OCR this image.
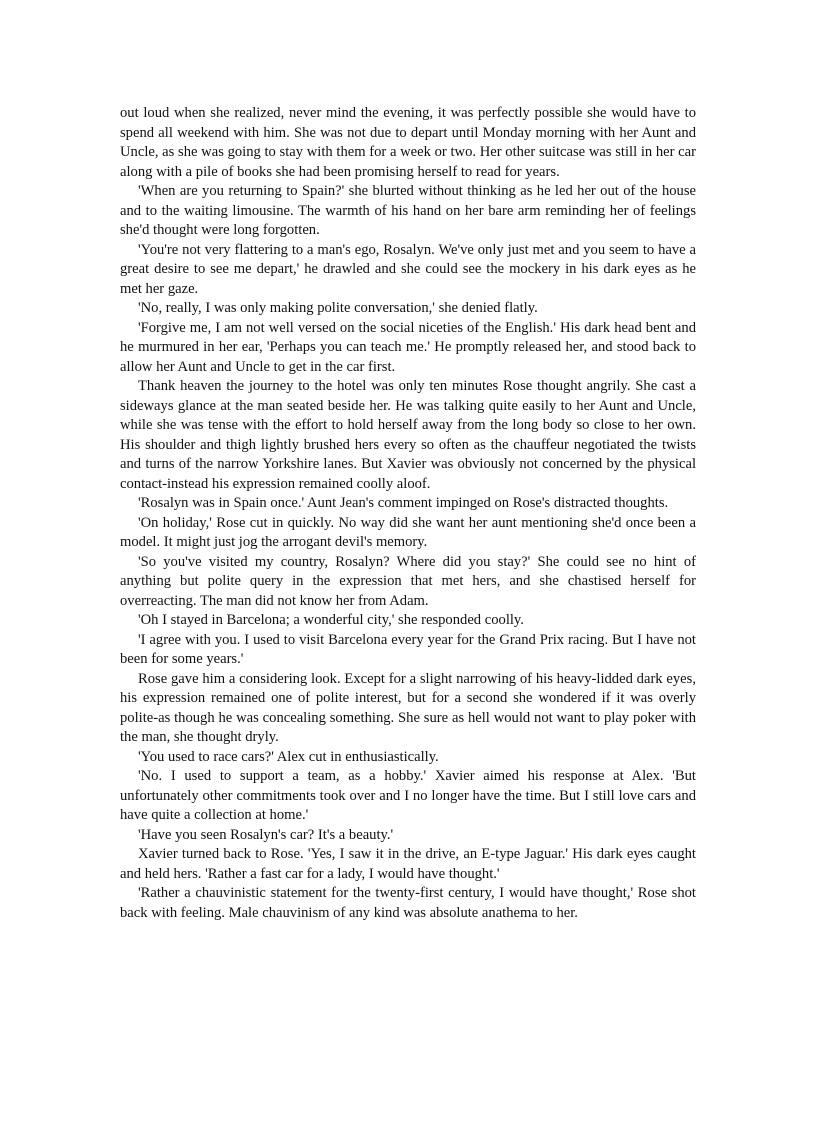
out loud when she realized, never mind the evening, it was perfectly possible she would have to spend all weekend with him. She was not due to depart until Monday morning with her Aunt and Uncle, as she was going to stay with them for a week or two. Her other suitcase was still in her car along with a pile of books she had been promising herself to read for years.

'When are you returning to Spain?' she blurted without thinking as he led her out of the house and to the waiting limousine. The warmth of his hand on her bare arm reminding her of feelings she'd thought were long forgotten.

'You're not very flattering to a man's ego, Rosalyn. We've only just met and you seem to have a great desire to see me depart,' he drawled and she could see the mockery in his dark eyes as he met her gaze.

'No, really, I was only making polite conversation,' she denied flatly.

'Forgive me, I am not well versed on the social niceties of the English.' His dark head bent and he murmured in her ear, 'Perhaps you can teach me.' He promptly released her, and stood back to allow her Aunt and Uncle to get in the car first.

Thank heaven the journey to the hotel was only ten minutes Rose thought angrily. She cast a sideways glance at the man seated beside her. He was talking quite easily to her Aunt and Uncle, while she was tense with the effort to hold herself away from the long body so close to her own. His shoulder and thigh lightly brushed hers every so often as the chauffeur negotiated the twists and turns of the narrow Yorkshire lanes. But Xavier was obviously not concerned by the physical contact-instead his expression remained coolly aloof.

'Rosalyn was in Spain once.' Aunt Jean's comment impinged on Rose's distracted thoughts.

'On holiday,' Rose cut in quickly. No way did she want her aunt mentioning she'd once been a model. It might just jog the arrogant devil's memory.

'So you've visited my country, Rosalyn? Where did you stay?' She could see no hint of anything but polite query in the expression that met hers, and she chastised herself for overreacting. The man did not know her from Adam.

'Oh I stayed in Barcelona; a wonderful city,' she responded coolly.

'I agree with you. I used to visit Barcelona every year for the Grand Prix racing. But I have not been for some years.'

Rose gave him a considering look. Except for a slight narrowing of his heavy-lidded dark eyes, his expression remained one of polite interest, but for a second she wondered if it was overly polite-as though he was concealing something. She sure as hell would not want to play poker with the man, she thought dryly.

'You used to race cars?' Alex cut in enthusiastically.

'No. I used to support a team, as a hobby.' Xavier aimed his response at Alex. 'But unfortunately other commitments took over and I no longer have the time. But I still love cars and have quite a collection at home.'

'Have you seen Rosalyn's car? It's a beauty.'

Xavier turned back to Rose. 'Yes, I saw it in the drive, an E-type Jaguar.' His dark eyes caught and held hers. 'Rather a fast car for a lady, I would have thought.'

'Rather a chauvinistic statement for the twenty-first century, I would have thought,' Rose shot back with feeling. Male chauvinism of any kind was absolute anathema to her.
